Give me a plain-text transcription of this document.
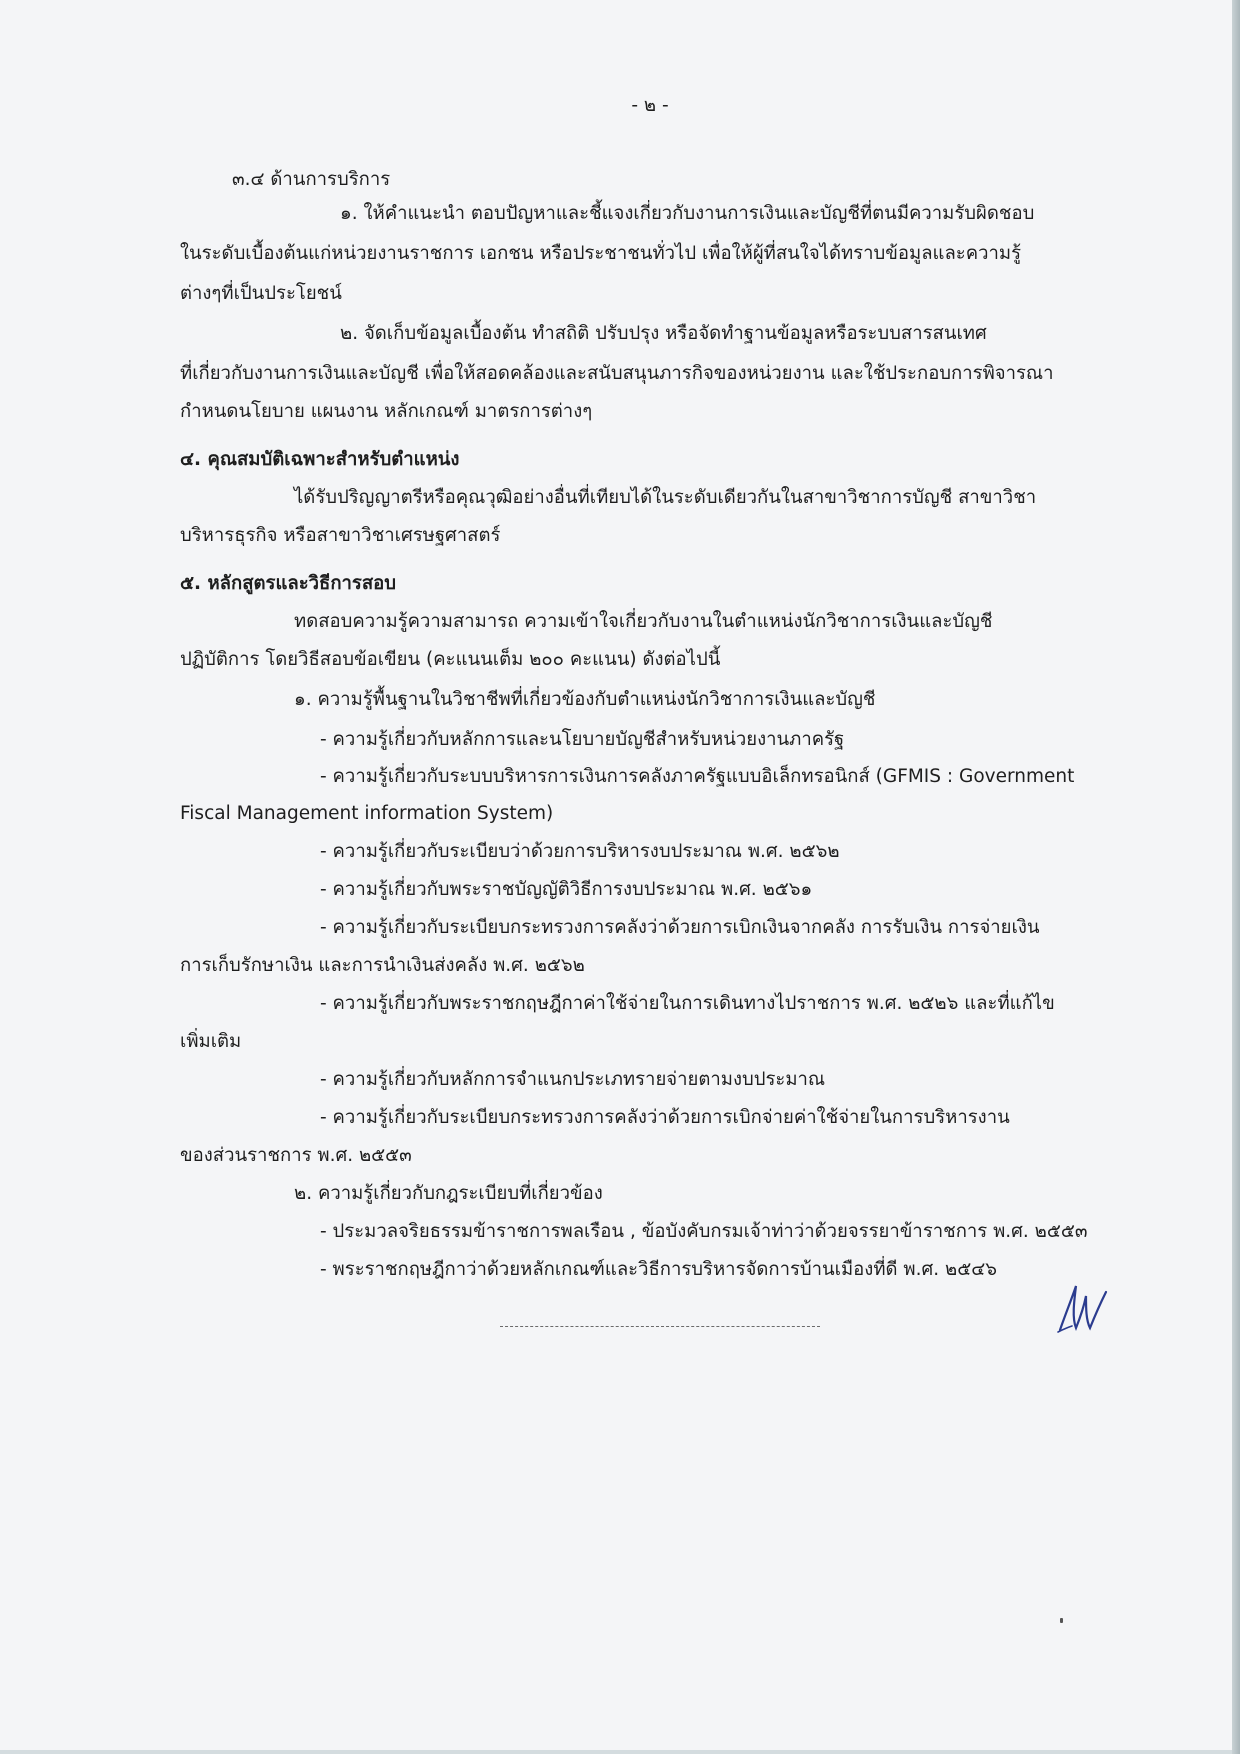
- ๒ -
๓.๔ ด้านการบริการ
๑. ให้คำแนะนำ ตอบปัญหาและชี้แจงเกี่ยวกับงานการเงินและบัญชีที่ตนมีความรับผิดชอบ
ในระดับเบื้องต้นแก่หน่วยงานราชการ เอกชน หรือประชาชนทั่วไป เพื่อให้ผู้ที่สนใจได้ทราบข้อมูลและความรู้
ต่างๆที่เป็นประโยชน์
๒. จัดเก็บข้อมูลเบื้องต้น ทำสถิติ ปรับปรุง หรือจัดทำฐานข้อมูลหรือระบบสารสนเทศ
ที่เกี่ยวกับงานการเงินและบัญชี เพื่อให้สอดคล้องและสนับสนุนภารกิจของหน่วยงาน และใช้ประกอบการพิจารณา
กำหนดนโยบาย แผนงาน หลักเกณฑ์ มาตรการต่างๆ
๔. คุณสมบัติเฉพาะสำหรับตำแหน่ง
ได้รับปริญญาตรีหรือคุณวุฒิอย่างอื่นที่เทียบได้ในระดับเดียวกันในสาขาวิชาการบัญชี สาขาวิชา
บริหารธุรกิจ หรือสาขาวิชาเศรษฐศาสตร์
๕. หลักสูตรและวิธีการสอบ
ทดสอบความรู้ความสามารถ ความเข้าใจเกี่ยวกับงานในตำแหน่งนักวิชาการเงินและบัญชี
ปฏิบัติการ โดยวิธีสอบข้อเขียน (คะแนนเต็ม ๒๐๐ คะแนน) ดังต่อไปนี้
๑. ความรู้พื้นฐานในวิชาชีพที่เกี่ยวข้องกับตำแหน่งนักวิชาการเงินและบัญชี
- ความรู้เกี่ยวกับหลักการและนโยบายบัญชีสำหรับหน่วยงานภาครัฐ
- ความรู้เกี่ยวกับระบบบริหารการเงินการคลังภาครัฐแบบอิเล็กทรอนิกส์ (GFMIS : Government
Fiscal Management information System)
- ความรู้เกี่ยวกับระเบียบว่าด้วยการบริหารงบประมาณ พ.ศ. ๒๕๖๒
- ความรู้เกี่ยวกับพระราชบัญญัติวิธีการงบประมาณ พ.ศ. ๒๕๖๑
- ความรู้เกี่ยวกับระเบียบกระทรวงการคลังว่าด้วยการเบิกเงินจากคลัง การรับเงิน การจ่ายเงิน
การเก็บรักษาเงิน และการนำเงินส่งคลัง พ.ศ. ๒๕๖๒
- ความรู้เกี่ยวกับพระราชกฤษฎีกาค่าใช้จ่ายในการเดินทางไปราชการ พ.ศ. ๒๕๒๖ และที่แก้ไข
เพิ่มเติม
- ความรู้เกี่ยวกับหลักการจำแนกประเภทรายจ่ายตามงบประมาณ
- ความรู้เกี่ยวกับระเบียบกระทรวงการคลังว่าด้วยการเบิกจ่ายค่าใช้จ่ายในการบริหารงาน
ของส่วนราชการ พ.ศ. ๒๕๕๓
๒. ความรู้เกี่ยวกับกฎระเบียบที่เกี่ยวข้อง
- ประมวลจริยธรรมข้าราชการพลเรือน , ข้อบังคับกรมเจ้าท่าว่าด้วยจรรยาข้าราชการ พ.ศ. ๒๕๕๓
- พระราชกฤษฎีกาว่าด้วยหลักเกณฑ์และวิธีการบริหารจัดการบ้านเมืองที่ดี พ.ศ. ๒๕๔๖
